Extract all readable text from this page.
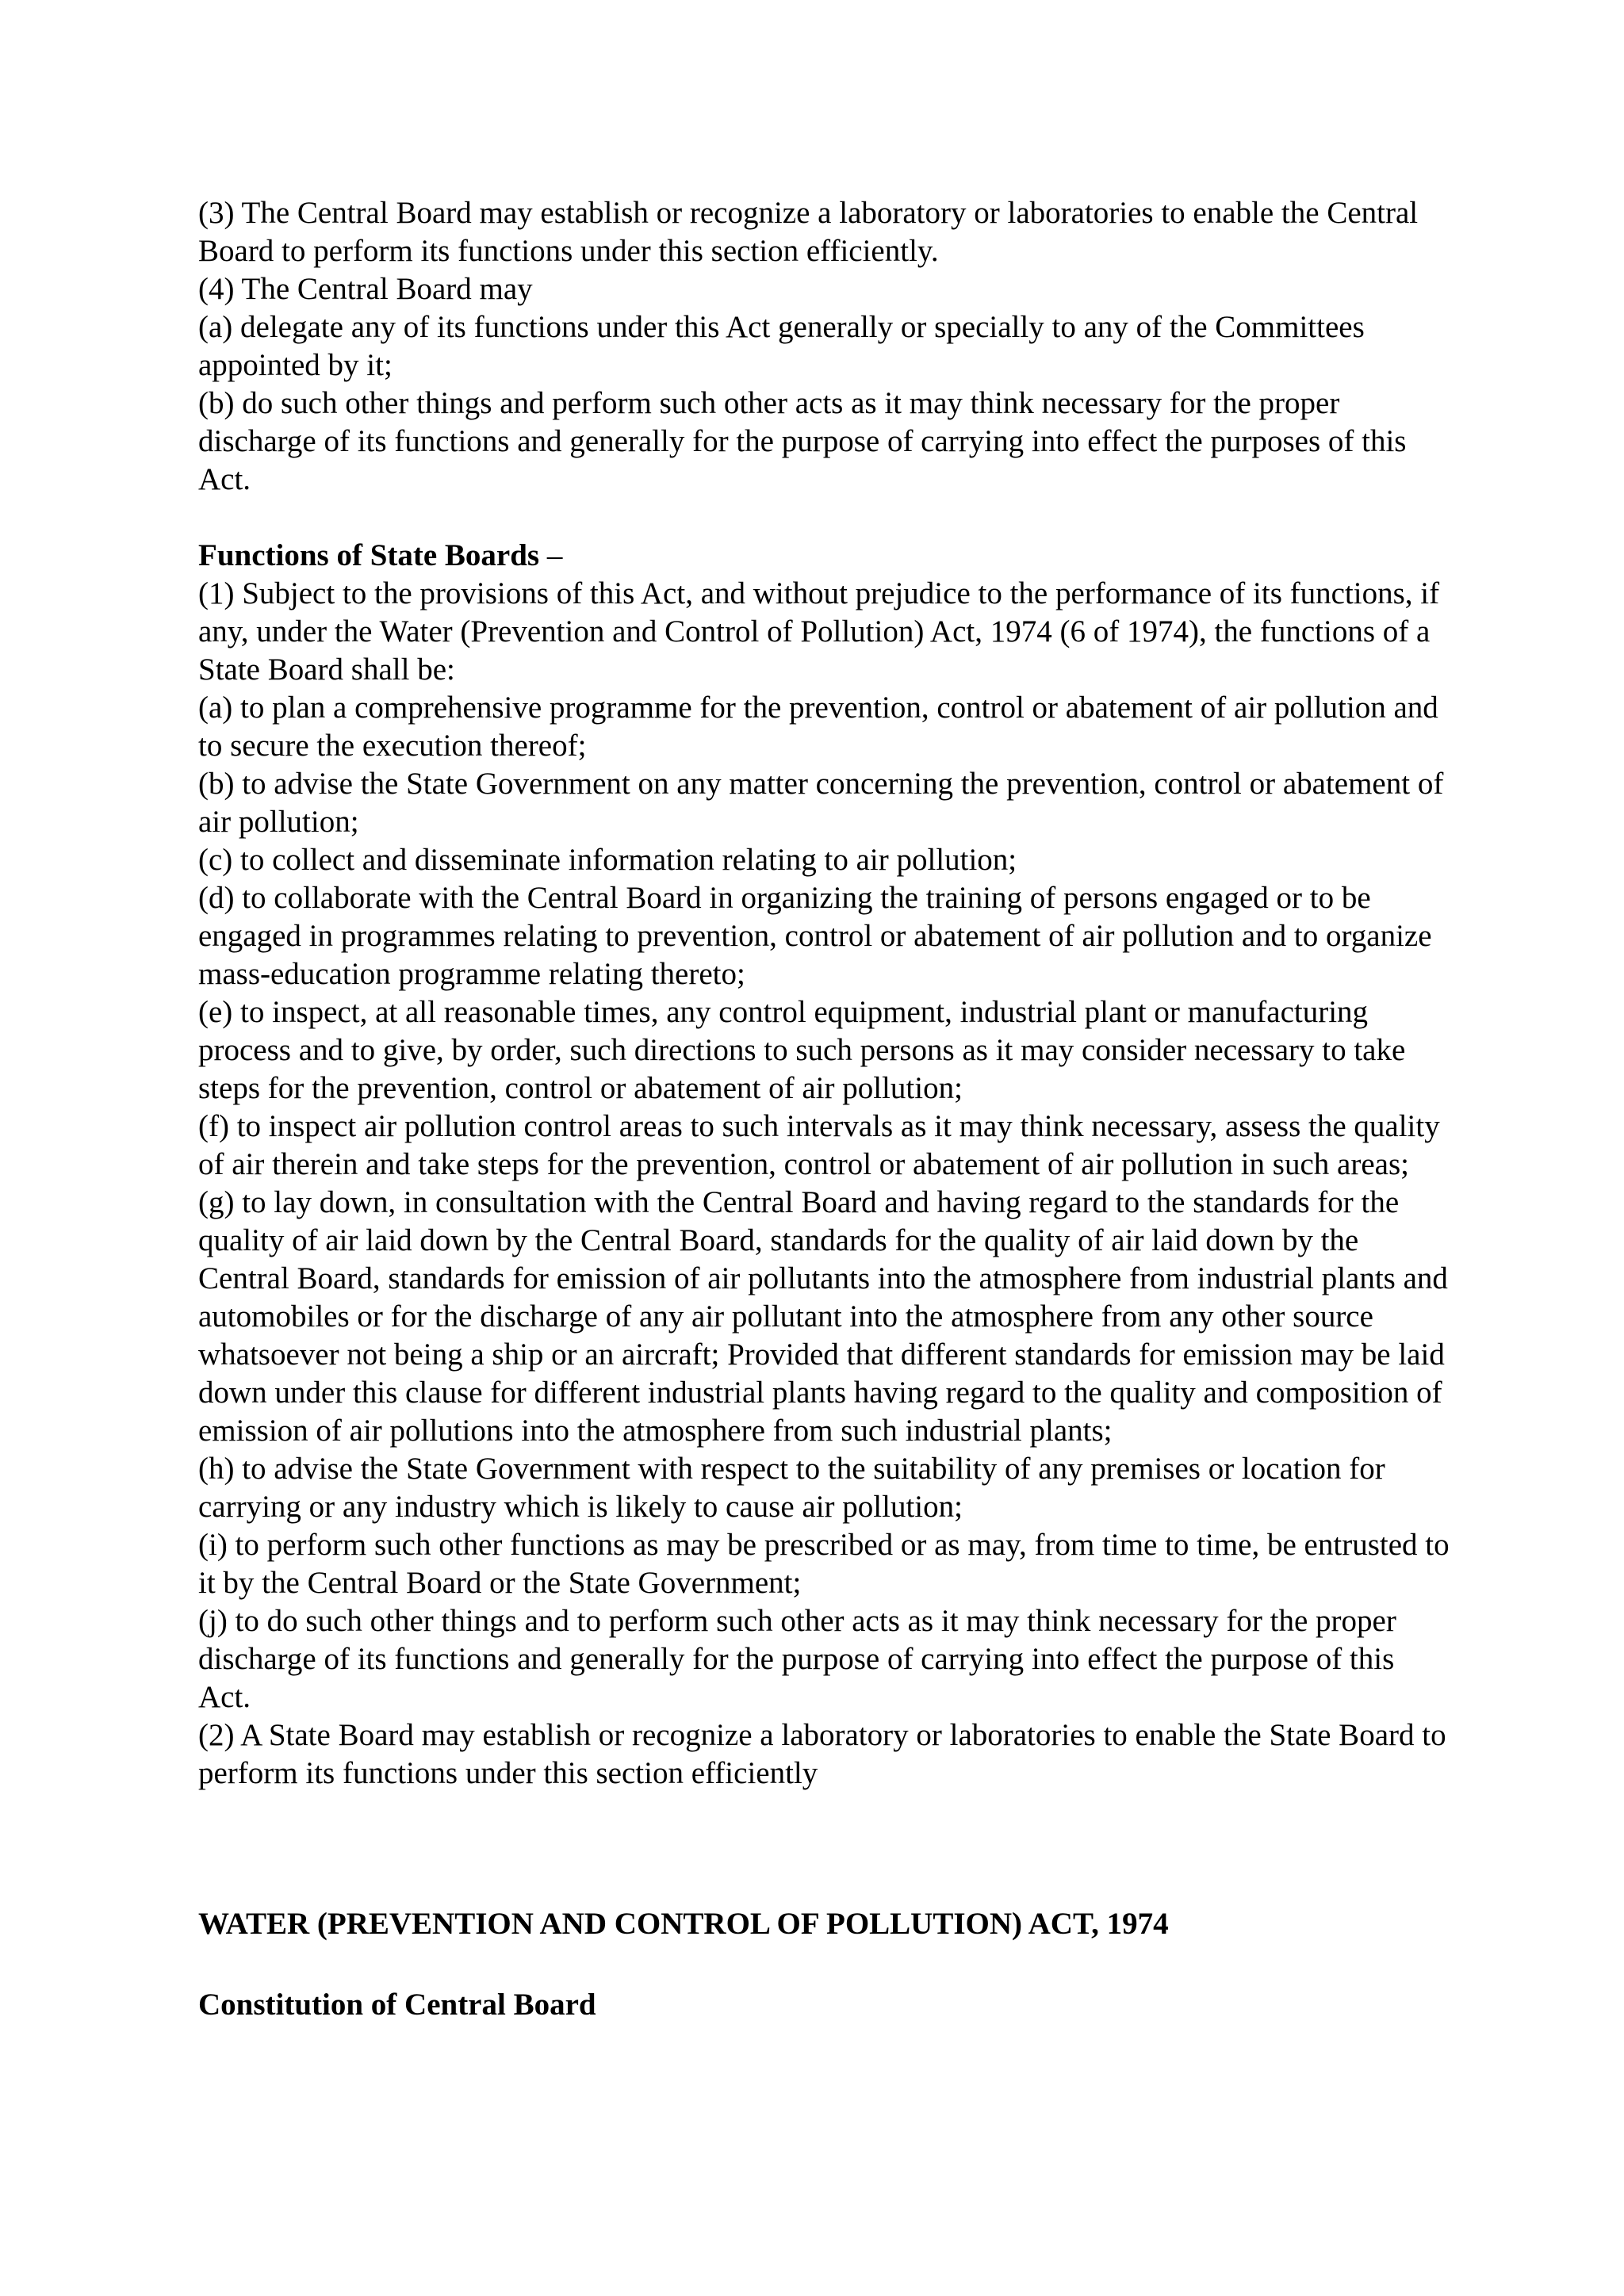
(3) The Central Board may establish or recognize a laboratory or laboratories to enable the Central Board to perform its functions under this section efficiently.

(4) The Central Board may

(a) delegate any of its functions under this Act generally or specially to any of the Committees appointed by it;

(b) do such other things and perform such other acts as it may think necessary for the proper discharge of its functions and generally for the purpose of carrying into effect the purposes of this Act.

Functions of State Boards –

(1) Subject to the provisions of this Act, and without prejudice to the performance of its functions, if any, under the Water (Prevention and Control of Pollution) Act, 1974 (6 of 1974), the functions of a State Board shall be:

(a) to plan a comprehensive programme for the prevention, control or abatement of air pollution and to secure the execution thereof;

(b) to advise the State Government on any matter concerning the prevention, control or abatement of air pollution;

(c) to collect and disseminate information relating to air pollution;

(d) to collaborate with the Central Board in organizing the training of persons engaged or to be engaged in programmes relating to prevention, control or abatement of air pollution and to organize mass-education programme relating thereto;

(e) to inspect, at all reasonable times, any control equipment, industrial plant or manufacturing process and to give, by order, such directions to such persons as it may consider necessary to take steps for the prevention, control or abatement of air pollution;

(f) to inspect air pollution control areas to such intervals as it may think necessary, assess the quality of air therein and take steps for the prevention, control or abatement of air pollution in such areas;

(g) to lay down, in consultation with the Central Board and having regard to the standards for the quality of air laid down by the Central Board, standards for the quality of air laid down by the Central Board, standards for emission of air pollutants into the atmosphere from industrial plants and automobiles or for the discharge of any air pollutant into the atmosphere from any other source whatsoever not being a ship or an aircraft; Provided that different standards for emission may be laid down under this clause for different industrial plants having regard to the quality and composition of emission of air pollutions into the atmosphere from such industrial plants;

(h) to advise the State Government with respect to the suitability of any premises or location for carrying or any industry which is likely to cause air pollution;

(i) to perform such other functions as may be prescribed or as may, from time to time, be entrusted to it by the Central Board or the State Government;

(j) to do such other things and to perform such other acts as it may think necessary for the proper discharge of its functions and generally for the purpose of carrying into effect the purpose of this Act.

(2) A State Board may establish or recognize a laboratory or laboratories to enable the State Board to perform its functions under this section efficiently

WATER (PREVENTION AND CONTROL OF POLLUTION) ACT, 1974
Constitution of Central Board
